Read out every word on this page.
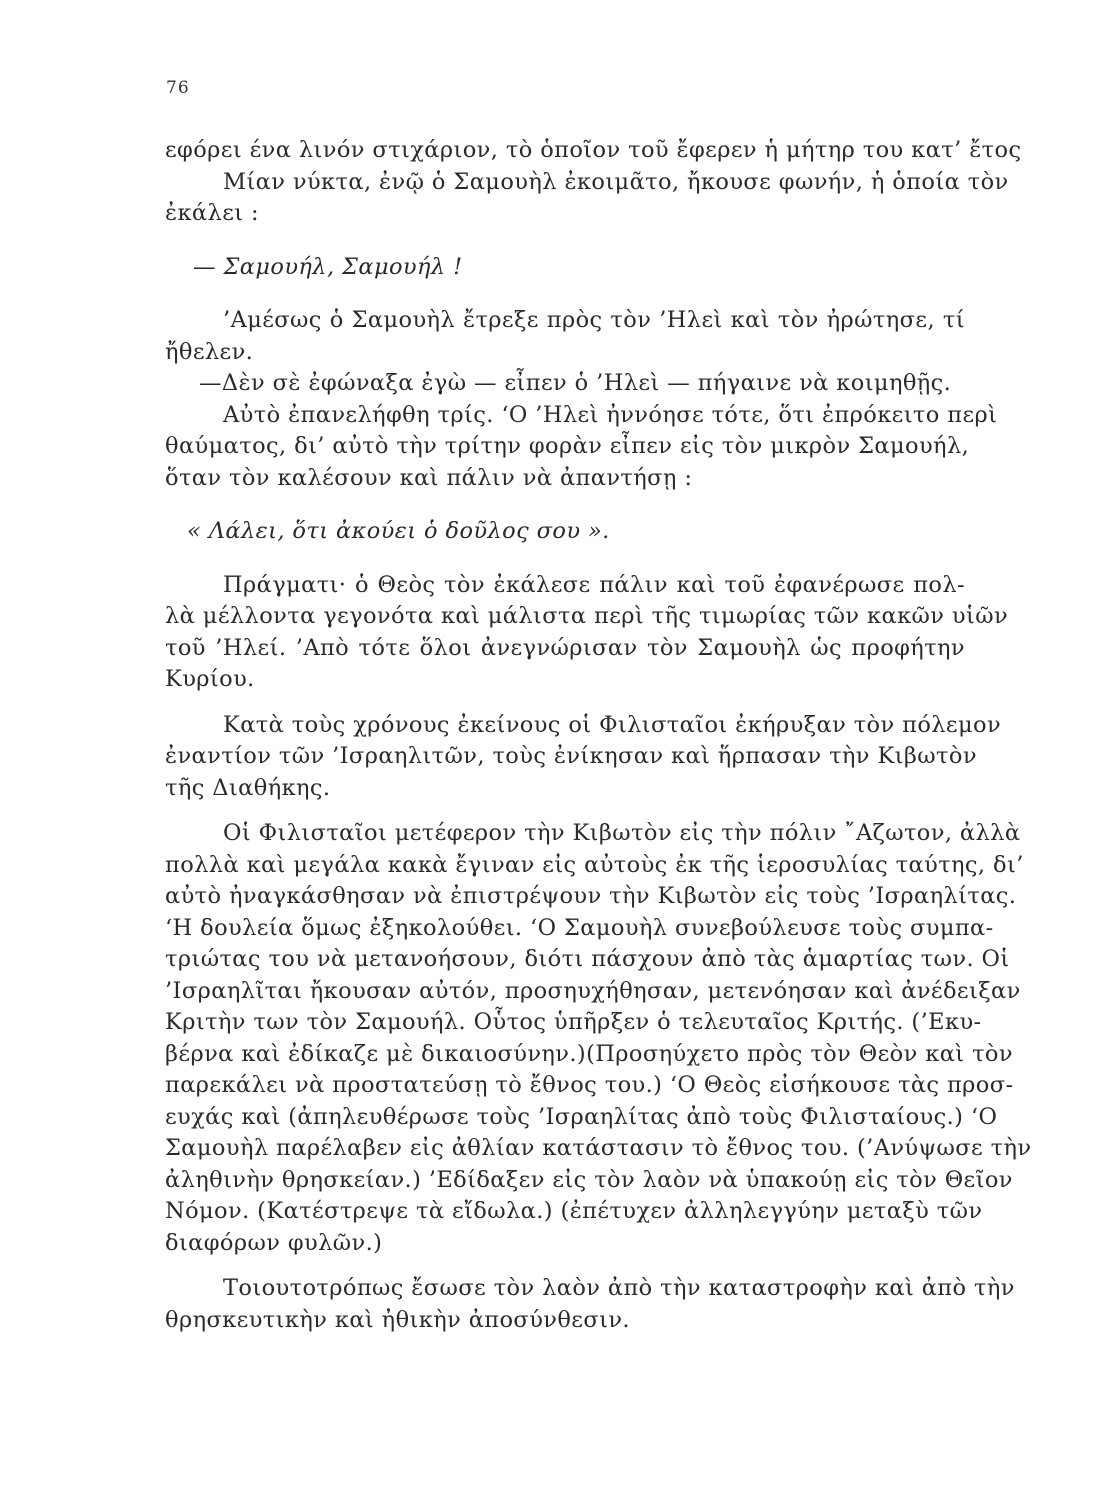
76
εφόρει ένα λινόν στιχάριον, τὸ ὁποῖον τοῦ ἔφερεν ἡ μήτηρ του κατ’ ἔτος
Μίαν νύκτα, ἐνῷ ὁ Σαμουὴλ ἐκοιμᾶτο, ἤκουσε φωνήν, ἡ ὁποία τὸν
ἐκάλει :
— Σαμουήλ, Σαμουήλ !
’Αμέσως ὁ Σαμουὴλ ἔτρεξε πρὸς τὸν ’Ηλεὶ καὶ τὸν ἠρώτησε, τί
ἤθελεν.
—Δὲν σὲ ἐφώναξα ἐγὼ — εἶπεν ὁ ’Ηλεὶ — πήγαινε νὰ κοιμηθῇς.
Αὐτὸ ἐπανελήφθη τρίς. ‘Ο ’Ηλεὶ ἠννόησε τότε, ὅτι ἐπρόκειτο περὶ
θαύματος, δι’ αὐτὸ τὴν τρίτην φορὰν εἶπεν εἰς τὸν μικρὸν Σαμουήλ,
ὅταν τὸν καλέσουν καὶ πάλιν νὰ ἀπαντήσῃ :
« Λάλει, ὅτι ἀκούει ὁ δοῦλος σου ».
Πράγματι· ὁ Θεὸς τὸν ἐκάλεσε πάλιν καὶ τοῦ ἐφανέρωσε πολ-
λὰ μέλλοντα γεγονότα καὶ μάλιστα περὶ τῆς τιμωρίας τῶν κακῶν υἱῶν
τοῦ ’Ηλεί. ’Απὸ τότε ὅλοι ἀνεγνώρισαν τὸν Σαμουὴλ ὡς προφήτην
Κυρίου.
Κατὰ τοὺς χρόνους ἐκείνους οἱ Φιλισταῖοι ἐκήρυξαν τὸν πόλεμον
ἐναντίον τῶν ’Ισραηλιτῶν, τοὺς ἐνίκησαν καὶ ἥρπασαν τὴν Κιβωτὸν
τῆς Διαθήκης.
Οἱ Φιλισταῖοι μετέφερον τὴν Κιβωτὸν εἰς τὴν πόλιν ῎Αζωτον, ἀλλὰ
πολλὰ καὶ μεγάλα κακὰ ἔγιναν εἰς αὐτοὺς ἐκ τῆς ἱεροσυλίας ταύτης, δι’
αὐτὸ ἠναγκάσθησαν νὰ ἐπιστρέψουν τὴν Κιβωτὸν εἰς τοὺς ’Ισραηλίτας.
‘Η δουλεία ὅμως ἐξηκολούθει. ‘Ο Σαμουὴλ συνεβούλευσε τοὺς συμπα-
τριώτας του νὰ μετανοήσουν, διότι πάσχουν ἀπὸ τὰς ἁμαρτίας των. Οἱ
’Ισραηλῖται ἤκουσαν αὐτόν, προσηυχήθησαν, μετενόησαν καὶ ἀνέδειξαν
Κριτὴν των τὸν Σαμουήλ. Οὗτος ὑπῆρξεν ὁ τελευταῖος Κριτής. (’Εκυ-
βέρνα καὶ ἐδίκαζε μὲ δικαιοσύνην.)(Προσηύχετο πρὸς τὸν Θεὸν καὶ τὸν
παρεκάλει νὰ προστατεύσῃ τὸ ἔθνος του.) ‘Ο Θεὸς εἰσήκουσε τὰς προσ-
ευχάς καὶ (ἀπηλευθέρωσε τοὺς ’Ισραηλίτας ἀπὸ τοὺς Φιλισταίους.) ‘Ο
Σαμουὴλ παρέλαβεν εἰς ἀθλίαν κατάστασιν τὸ ἔθνος του. (’Ανύψωσε τὴν
ἀληθινὴν θρησκείαν.) ’Εδίδαξεν εἰς τὸν λαὸν νὰ ὑπακούῃ εἰς τὸν Θεῖον
Νόμον. (Κατέστρεψε τὰ εἴδωλα.) (ἐπέτυχεν ἀλληλεγγύην μεταξὺ τῶν
διαφόρων φυλῶν.)
Τοιουτοτρόπως ἔσωσε τὸν λαὸν ἀπὸ τὴν καταστροφὴν καὶ ἀπὸ τὴν
θρησκευτικὴν καὶ ἠθικὴν ἀποσύνθεσιν.
